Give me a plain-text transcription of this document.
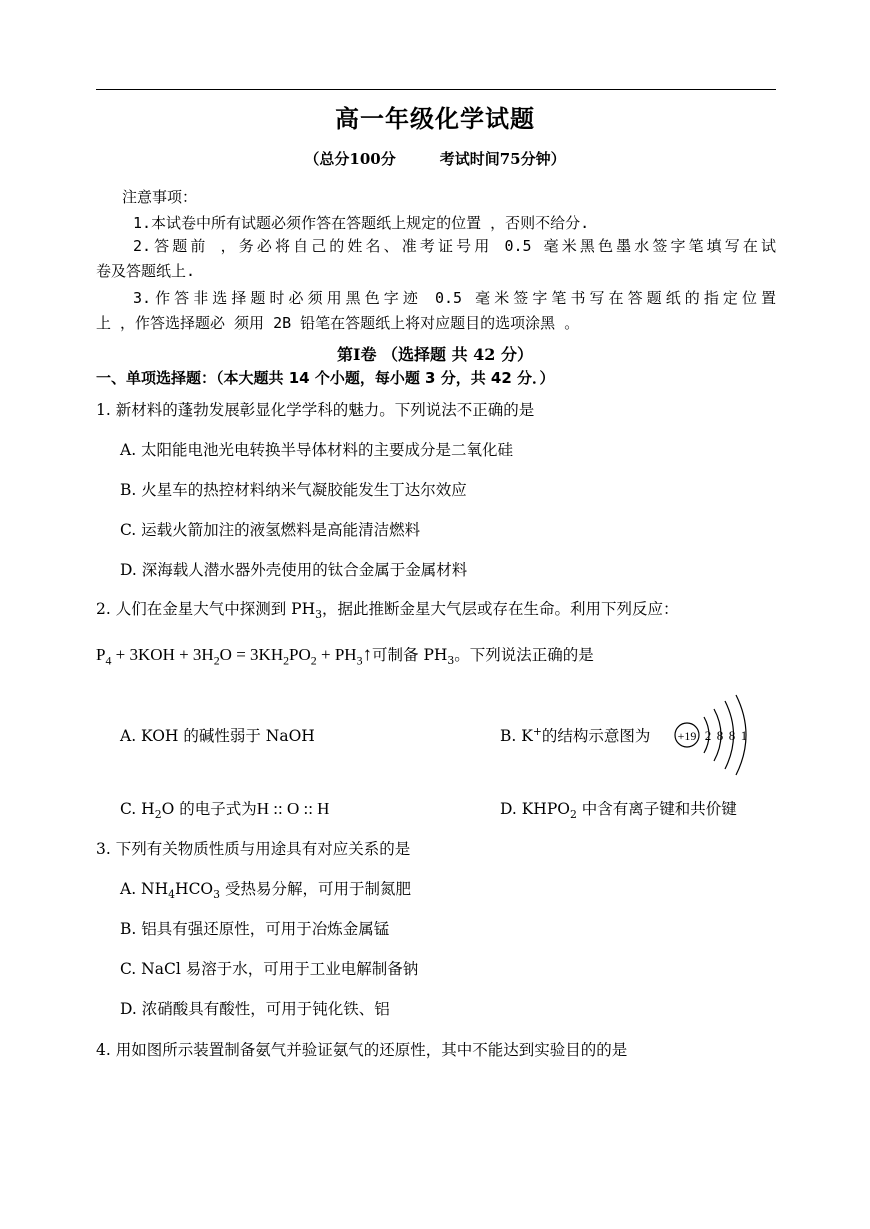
高一年级化学试题
（总分100分	考试时间75分钟）
注意事项：
1.本试卷中所有试题必须作答在答题纸上规定的位置 ，否则不给分.
2.答题前 ，务必将自己的姓名、准考证号用 0.5 毫米黑色墨水签字笔填写在试
卷及答题纸上.
3.作答非选择题时必须用黑色字迹 0.5 毫米签字笔书写在答题纸的指定位置
上 ，作答选择题必 须用 2B 铅笔在答题纸上将对应题目的选项涂黑 。
第Ⅰ卷 （选择题 共 42 分）
一、单项选择题：（本大题共 14 个小题，每小题 3 分，共 42 分．）
1. 新材料的蓬勃发展彰显化学学科的魅力。下列说法不正确的是
A. 太阳能电池光电转换半导体材料的主要成分是二氧化硅
B. 火星车的热控材料纳米气凝胶能发生丁达尔效应
C. 运载火箭加注的液氢燃料是高能清洁燃料
D. 深海载人潜水器外壳使用的钛合金属于金属材料
2. 人们在金星大气中探测到 $PH_3$，据此推断金星大气层或存在生命。利用下列反应：
$P_4 + 3KOH + 3H_2O = 3KH_2PO_2$ + $PH_3↑$可制备 $PH_3$。下列说法正确的是
A. KOH 的碱性弱于 NaOH	B. K+的结构示意图为 +19 2 8 8 1
C. $H_2O$ 的电子式为H :: O :: H	D. $KHPO_2$ 中含有离子键和共价键
3. 下列有关物质性质与用途具有对应关系的是
A. $NH_4HCO_3$ 受热易分解，可用于制氮肥
B. 铝具有强还原性，可用于冶炼金属锰
C. NaCl 易溶于水，可用于工业电解制备钠
D. 浓硝酸具有酸性，可用于钝化铁、铝
4. 用如图所示装置制备氨气并验证氨气的还原性，其中不能达到实验目的的是
